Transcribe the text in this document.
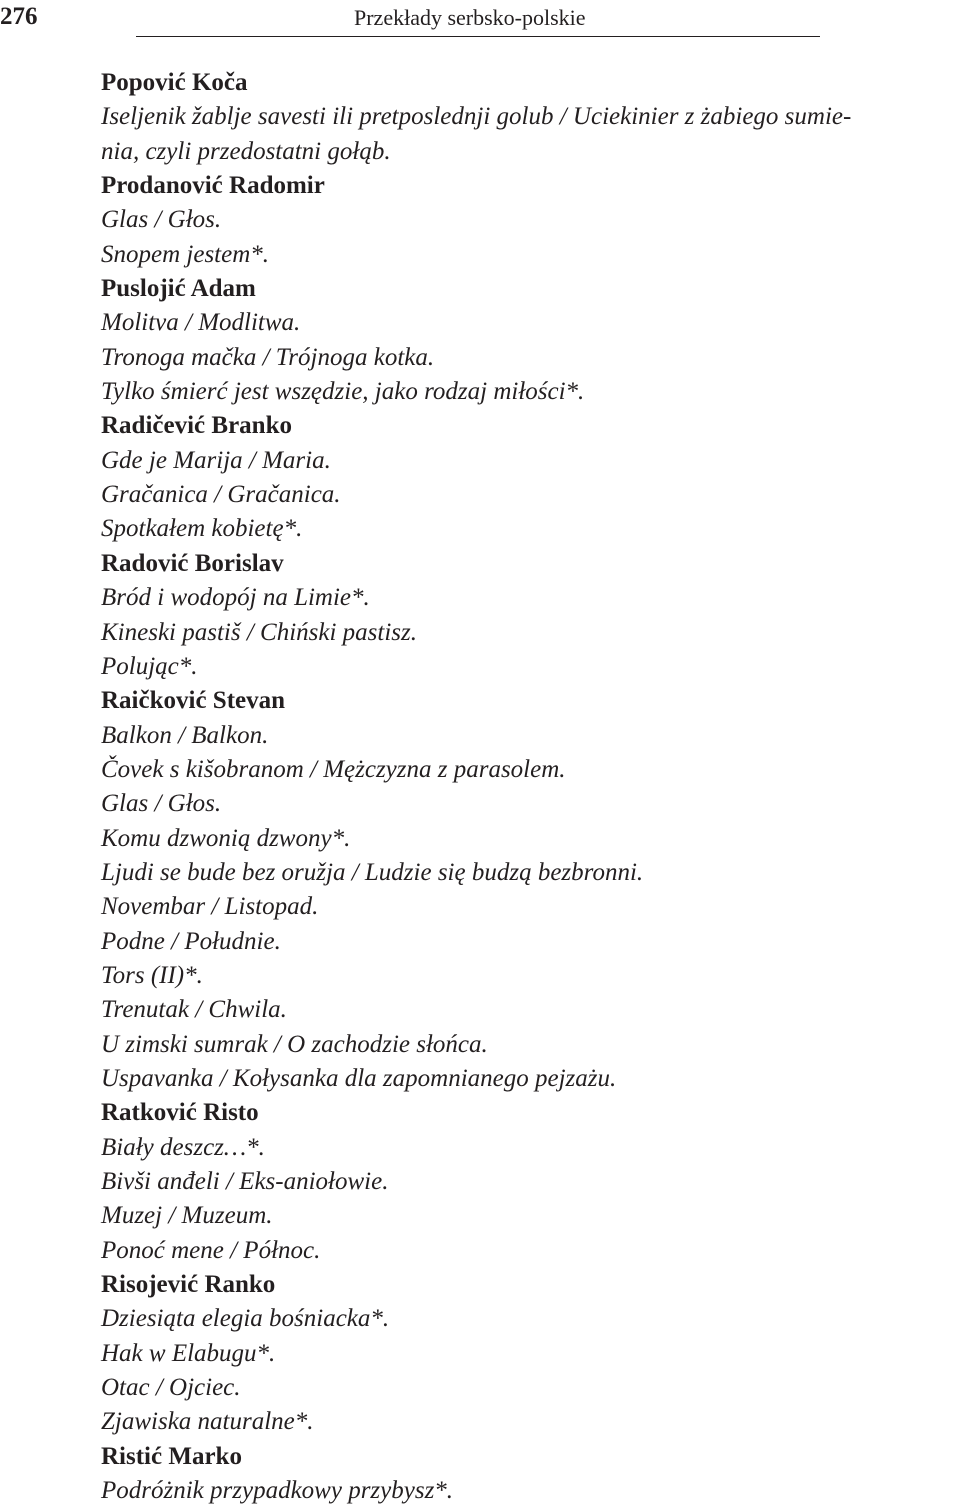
276	Przekłady serbsko-polskie
Popović Koča
Iseljenik žablje savesti ili pretposlednji golub / Uciekinier z żabiego sumie-
nia, czyli przedostatni gołąb.
Prodanović Radomir
Glas / Głos.
Snopem jestem*.
Puslojić Adam
Molitva / Modlitwa.
Tronoga mačka / Trójnoga kotka.
Tylko śmierć jest wszędzie, jako rodzaj miłości*.
Radičević Branko
Gde je Marija / Maria.
Gračanica / Gračanica.
Spotkałem kobietę*.
Radović Borislav
Bród i wodopój na Limie*.
Kineski pastiš / Chiński pastisz.
Polując*.
Raičković Stevan
Balkon / Balkon.
Čovek s kišobranom / Mężczyzna z parasolem.
Glas / Głos.
Komu dzwonią dzwony*.
Ljudi se bude bez oružja / Ludzie się budzą bezbronni.
Novembar / Listopad.
Podne / Południe.
Tors (II)*.
Trenutak / Chwila.
U zimski sumrak / O zachodzie słońca.
Uspavanka / Kołysanka dla zapomnianego pejzażu.
Ratković Risto
Biały deszcz…*.
Bivši anđeli / Eks-aniołowie.
Muzej / Muzeum.
Ponoć mene / Północ.
Risojević Ranko
Dziesiąta elegia bośniacka*.
Hak w Elabugu*.
Otac / Ojciec.
Zjawiska naturalne*.
Ristić Marko
Podróżnik przypadkowy przybysz*.
